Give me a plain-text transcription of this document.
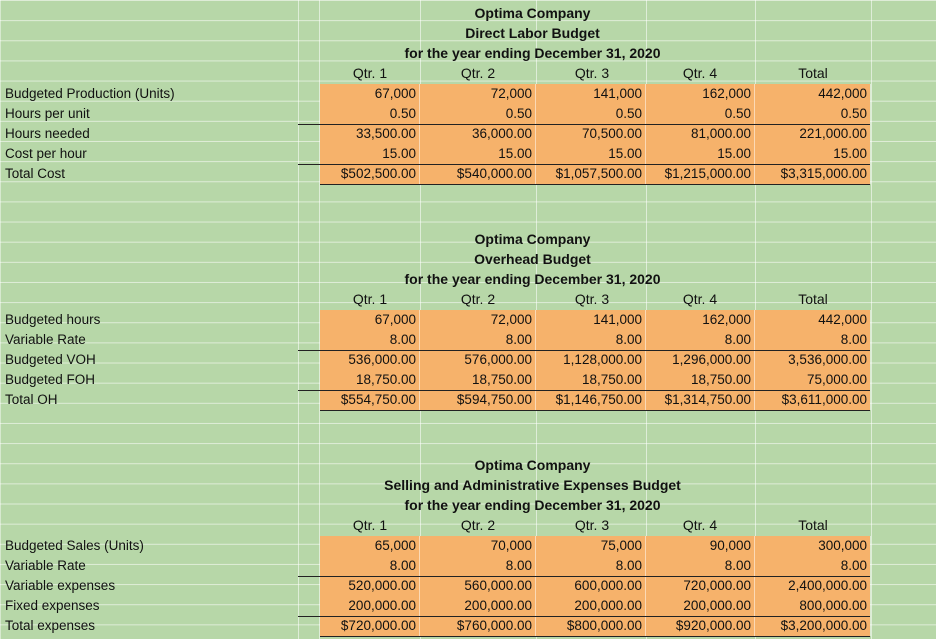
Optima Company
Direct Labor Budget
for the year ending December 31, 2020
Qtr. 1	Qtr. 2	Qtr. 3	Qtr. 4	Total
Budgeted Production (Units)	67,000	72,000	141,000	162,000	442,000
Hours per unit	0.50	0.50	0.50	0.50	0.50
Hours needed	33,500.00	36,000.00	70,500.00	81,000.00	221,000.00
Cost per hour	15.00	15.00	15.00	15.00	15.00
Total Cost	$502,500.00	$540,000.00	$1,057,500.00	$1,215,000.00	$3,315,000.00
Optima Company
Overhead Budget
for the year ending December 31, 2020
Qtr. 1	Qtr. 2	Qtr. 3	Qtr. 4	Total
Budgeted hours	67,000	72,000	141,000	162,000	442,000
Variable Rate	8.00	8.00	8.00	8.00	8.00
Budgeted VOH	536,000.00	576,000.00	1,128,000.00	1,296,000.00	3,536,000.00
Budgeted FOH	18,750.00	18,750.00	18,750.00	18,750.00	75,000.00
Total OH	$554,750.00	$594,750.00	$1,146,750.00	$1,314,750.00	$3,611,000.00
Optima Company
Selling and Administrative Expenses Budget
for the year ending December 31, 2020
Qtr. 1	Qtr. 2	Qtr. 3	Qtr. 4	Total
Budgeted Sales (Units)	65,000	70,000	75,000	90,000	300,000
Variable Rate	8.00	8.00	8.00	8.00	8.00
Variable expenses	520,000.00	560,000.00	600,000.00	720,000.00	2,400,000.00
Fixed expenses	200,000.00	200,000.00	200,000.00	200,000.00	800,000.00
Total expenses	$720,000.00	$760,000.00	$800,000.00	$920,000.00	$3,200,000.00
